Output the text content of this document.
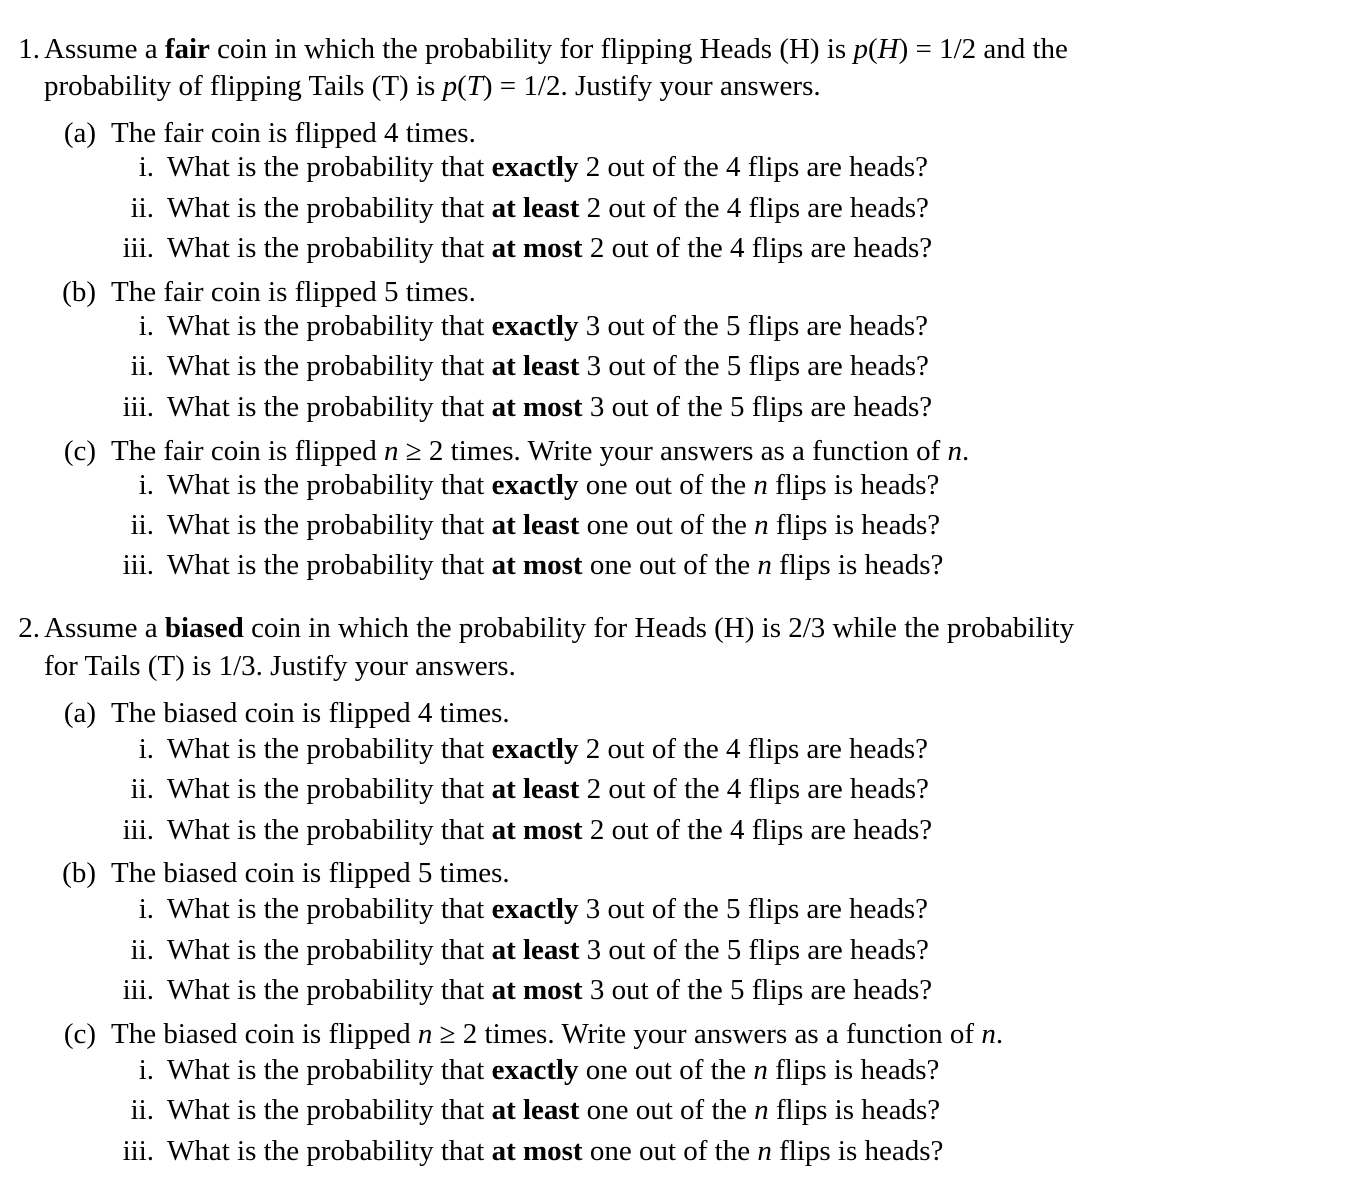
1. Assume a fair coin in which the probability for flipping Heads (H) is p(H) = 1/2 and the
probability of flipping Tails (T) is p(T) = 1/2. Justify your answers.
(a) The fair coin is flipped 4 times.
i. What is the probability that exactly 2 out of the 4 flips are heads?
ii. What is the probability that at least 2 out of the 4 flips are heads?
iii. What is the probability that at most 2 out of the 4 flips are heads?
(b) The fair coin is flipped 5 times.
i. What is the probability that exactly 3 out of the 5 flips are heads?
ii. What is the probability that at least 3 out of the 5 flips are heads?
iii. What is the probability that at most 3 out of the 5 flips are heads?
(c) The fair coin is flipped n ≥ 2 times. Write your answers as a function of n.
i. What is the probability that exactly one out of the n flips is heads?
ii. What is the probability that at least one out of the n flips is heads?
iii. What is the probability that at most one out of the n flips is heads?
2. Assume a biased coin in which the probability for Heads (H) is 2/3 while the probability
for Tails (T) is 1/3. Justify your answers.
(a) The biased coin is flipped 4 times.
i. What is the probability that exactly 2 out of the 4 flips are heads?
ii. What is the probability that at least 2 out of the 4 flips are heads?
iii. What is the probability that at most 2 out of the 4 flips are heads?
(b) The biased coin is flipped 5 times.
i. What is the probability that exactly 3 out of the 5 flips are heads?
ii. What is the probability that at least 3 out of the 5 flips are heads?
iii. What is the probability that at most 3 out of the 5 flips are heads?
(c) The biased coin is flipped n ≥ 2 times. Write your answers as a function of n.
i. What is the probability that exactly one out of the n flips is heads?
ii. What is the probability that at least one out of the n flips is heads?
iii. What is the probability that at most one out of the n flips is heads?
